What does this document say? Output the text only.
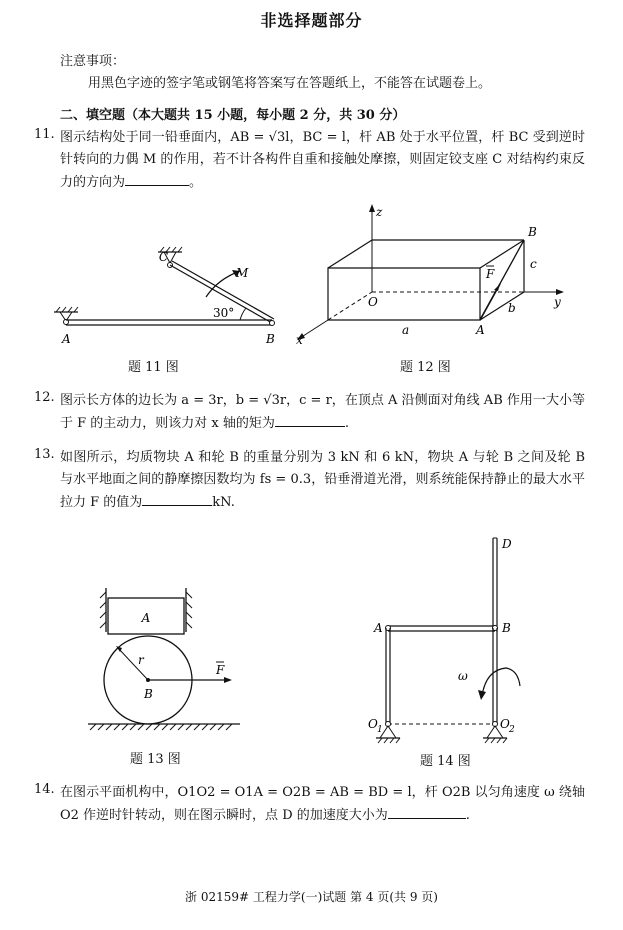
非选择题部分
注意事项：
用黑色字迹的签字笔或钢笔将答案写在答题纸上，不能答在试题卷上。
二、填空题（本大题共 15 小题，每小题 2 分，共 30 分）
11. 图示结构处于同一铅垂面内，AB = √3l，BC = l，杆 AB 处于水平位置，杆 BC 受到逆时针转向的力偶 M 的作用，若不计各构件自重和接触处摩擦，则固定铰支座 C 对结构约束反力的方向为	。
C
M
30°
A	B
题 11 图
z
y
x
O
A
B
a
b
c
F
题 12 图
12. 图示长方体的边长为 a = 3r，b = √3r，c = r，在顶点 A 沿侧面对角线 AB 作用一大小等于 F 的主动力，则该力对 x 轴的矩为	.
13. 如图所示，均质物块 A 和轮 B 的重量分别为 3 kN 和 6 kN，物块 A 与轮 B 之间及轮 B 与水平地面之间的静摩擦因数均为 fs = 0.3，铅垂滑道光滑，则系统能保持静止的最大水平拉力 F 的值为	kN.
A
B
r
F
题 13 图
D
A	B
ω
O 1	O 2
题 14 图
14. 在图示平面机构中，O1O2 = O1A = O2B = AB = BD = l，杆 O2B 以匀角速度 ω 绕轴 O2 作逆时针转动，则在图示瞬时，点 D 的加速度大小为	.
浙 02159# 工程力学(一)试题 第 4 页(共 9 页)
